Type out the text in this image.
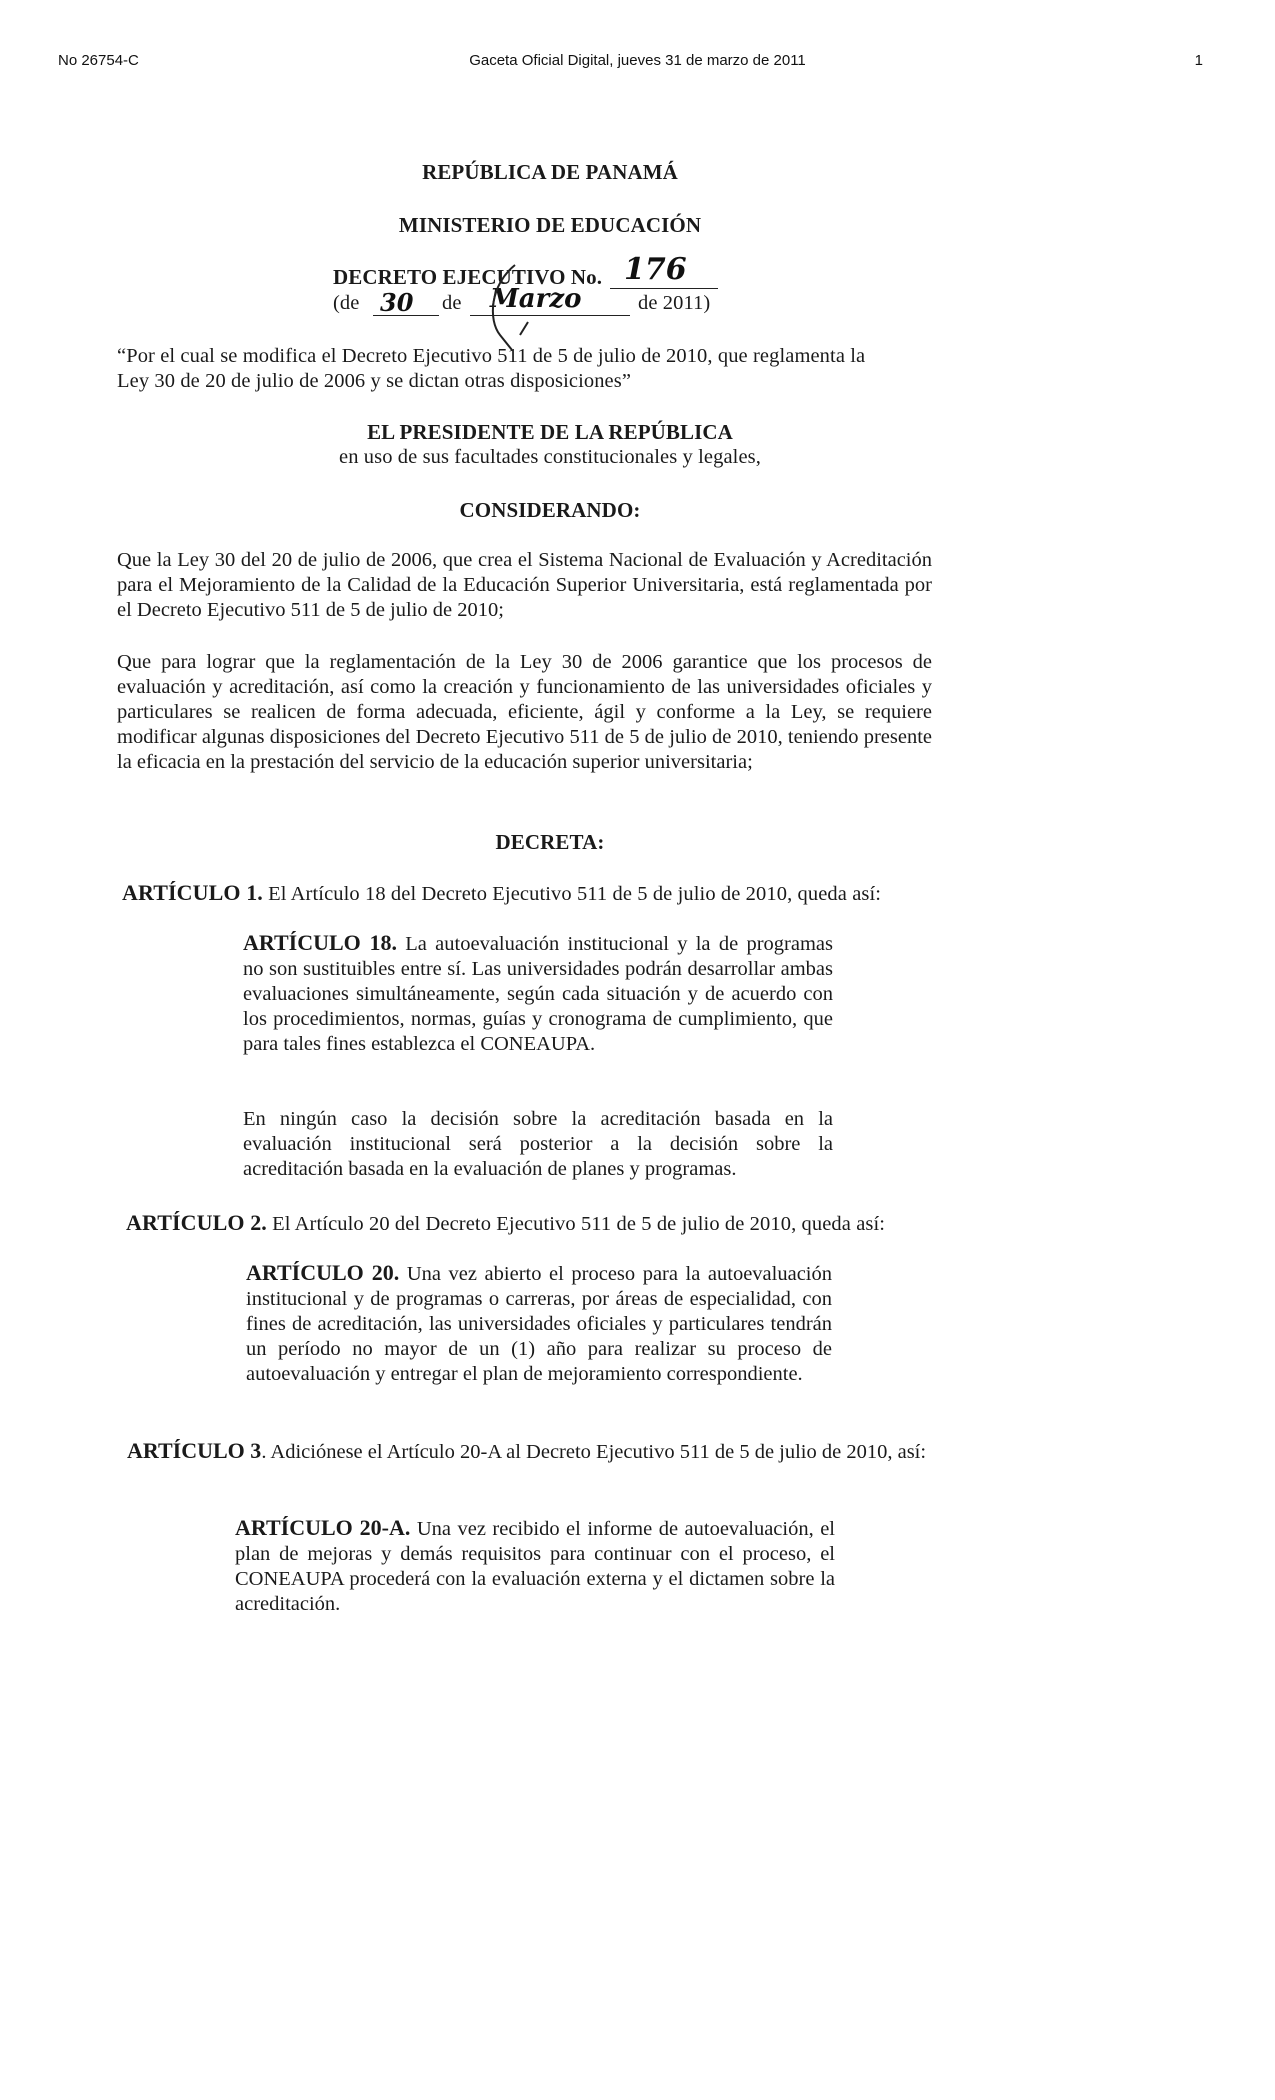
No 26754-C	Gaceta Oficial Digital, jueves 31 de marzo de 2011	1
REPÚBLICA DE PANAMÁ
MINISTERIO DE EDUCACIÓN
DECRETO EJECUTIVO No. 176
(de 30 de Marzo	de 2011)
“Por el cual se modifica el Decreto Ejecutivo 511 de 5 de julio de 2010, que reglamenta la
Ley 30 de 20 de julio de 2006 y se dictan otras disposiciones”
EL PRESIDENTE DE LA REPÚBLICA
en uso de sus facultades constitucionales y legales,
CONSIDERANDO:
Que la Ley 30 del 20 de julio de 2006, que crea el Sistema Nacional de Evaluación y Acreditación para el Mejoramiento de la Calidad de la Educación Superior Universitaria, está reglamentada por el Decreto Ejecutivo 511 de 5 de julio de 2010;
Que para lograr que la reglamentación de la Ley 30 de 2006 garantice que los procesos de evaluación y acreditación, así como la creación y funcionamiento de las universidades oficiales y particulares se realicen de forma adecuada, eficiente, ágil y conforme a la Ley, se requiere modificar algunas disposiciones del Decreto Ejecutivo 511 de 5 de julio de 2010, teniendo presente la eficacia en la prestación del servicio de la educación superior universitaria;
DECRETA:
ARTÍCULO 1. El Artículo 18 del Decreto Ejecutivo 511 de 5 de julio de 2010, queda así:
ARTÍCULO 18. La autoevaluación institucional y la de programas no son sustituibles entre sí. Las universidades podrán desarrollar ambas evaluaciones simultáneamente, según cada situación y de acuerdo con los procedimientos, normas, guías y cronograma de cumplimiento, que para tales fines establezca el CONEAUPA.
En ningún caso la decisión sobre la acreditación basada en la evaluación institucional será posterior a la decisión sobre la acreditación basada en la evaluación de planes y programas.
ARTÍCULO 2. El Artículo 20 del Decreto Ejecutivo 511 de 5 de julio de 2010, queda así:
ARTÍCULO 20. Una vez abierto el proceso para la autoevaluación institucional y de programas o carreras, por áreas de especialidad, con fines de acreditación, las universidades oficiales y particulares tendrán un período no mayor de un (1) año para realizar su proceso de autoevaluación y entregar el plan de mejoramiento correspondiente.
ARTÍCULO 3. Adiciónese el Artículo 20-A al Decreto Ejecutivo 511 de 5 de julio de 2010, así:
ARTÍCULO 20-A. Una vez recibido el informe de autoevaluación, el plan de mejoras y demás requisitos para continuar con el proceso, el CONEAUPA procederá con la evaluación externa y el dictamen sobre la acreditación.
